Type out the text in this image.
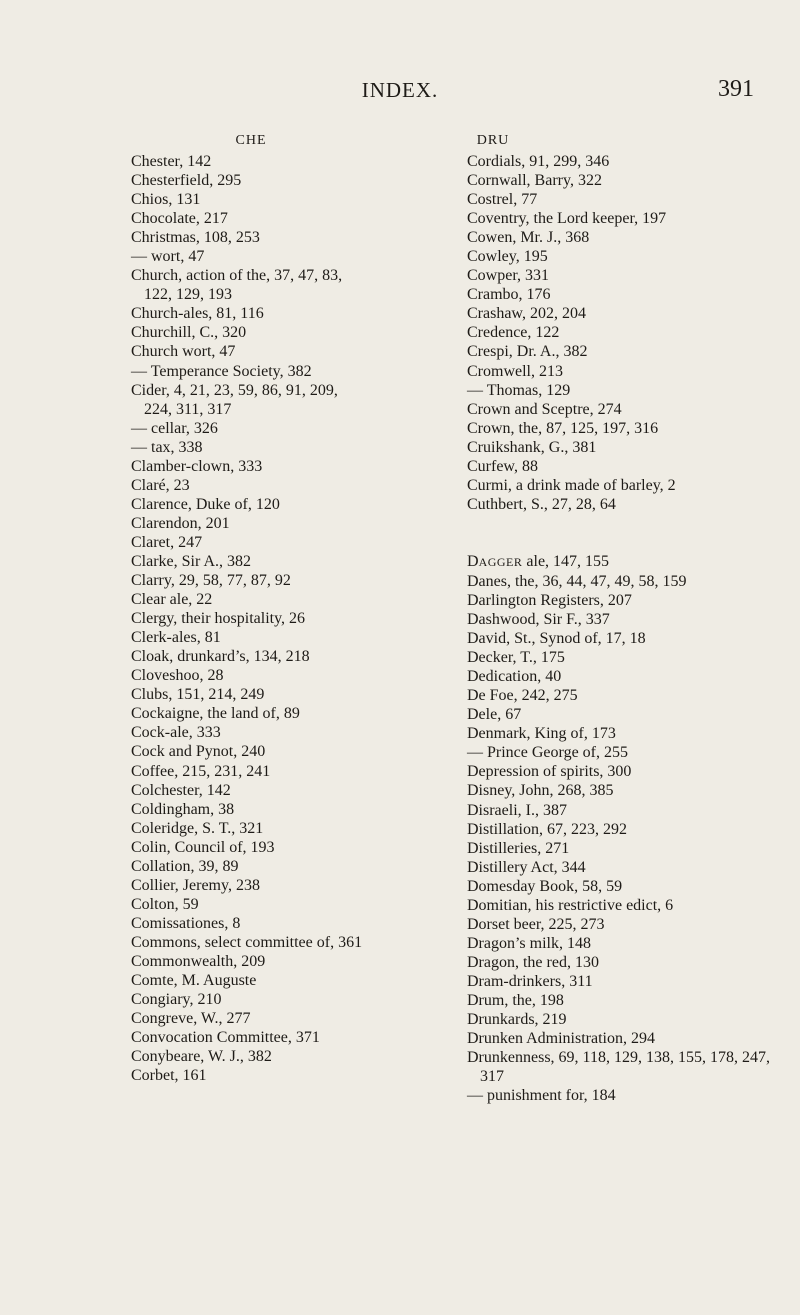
INDEX.	391
CHE
Chester, 142
Chesterfield, 295
Chios, 131
Chocolate, 217
Christmas, 108, 253
— wort, 47
Church, action of the, 37, 47, 83, 122, 129, 193
Church-ales, 81, 116
Churchill, C., 320
Church wort, 47
— Temperance Society, 382
Cider, 4, 21, 23, 59, 86, 91, 209, 224, 311, 317
— cellar, 326
— tax, 338
Clamber-clown, 333
Claré, 23
Clarence, Duke of, 120
Clarendon, 201
Claret, 247
Clarke, Sir A., 382
Clarry, 29, 58, 77, 87, 92
Clear ale, 22
Clergy, their hospitality, 26
Clerk-ales, 81
Cloak, drunkard’s, 134, 218
Cloveshoo, 28
Clubs, 151, 214, 249
Cockaigne, the land of, 89
Cock-ale, 333
Cock and Pynot, 240
Coffee, 215, 231, 241
Colchester, 142
Coldingham, 38
Coleridge, S. T., 321
Colin, Council of, 193
Collation, 39, 89
Collier, Jeremy, 238
Colton, 59
Comissationes, 8
Commons, select committee of, 361
Commonwealth, 209
Comte, M. Auguste
Congiary, 210
Congreve, W., 277
Convocation Committee, 371
Conybeare, W. J., 382
Corbet, 161
DRU
Cordials, 91, 299, 346
Cornwall, Barry, 322
Costrel, 77
Coventry, the Lord keeper, 197
Cowen, Mr. J., 368
Cowley, 195
Cowper, 331
Crambo, 176
Crashaw, 202, 204
Credence, 122
Crespi, Dr. A., 382
Cromwell, 213
— Thomas, 129
Crown and Sceptre, 274
Crown, the, 87, 125, 197, 316
Cruikshank, G., 381
Curfew, 88
Curmi, a drink made of barley, 2
Cuthbert, S., 27, 28, 64
DAGGER ale, 147, 155
Danes, the, 36, 44, 47, 49, 58, 159
Darlington Registers, 207
Dashwood, Sir F., 337
David, St., Synod of, 17, 18
Decker, T., 175
Dedication, 40
De Foe, 242, 275
Dele, 67
Denmark, King of, 173
— Prince George of, 255
Depression of spirits, 300
Disney, John, 268, 385
Disraeli, I., 387
Distillation, 67, 223, 292
Distilleries, 271
Distillery Act, 344
Domesday Book, 58, 59
Domitian, his restrictive edict, 6
Dorset beer, 225, 273
Dragon’s milk, 148
Dragon, the red, 130
Dram-drinkers, 311
Drum, the, 198
Drunkards, 219
Drunken Administration, 294
Drunkenness, 69, 118, 129, 138, 155, 178, 247, 317
— punishment for, 184
